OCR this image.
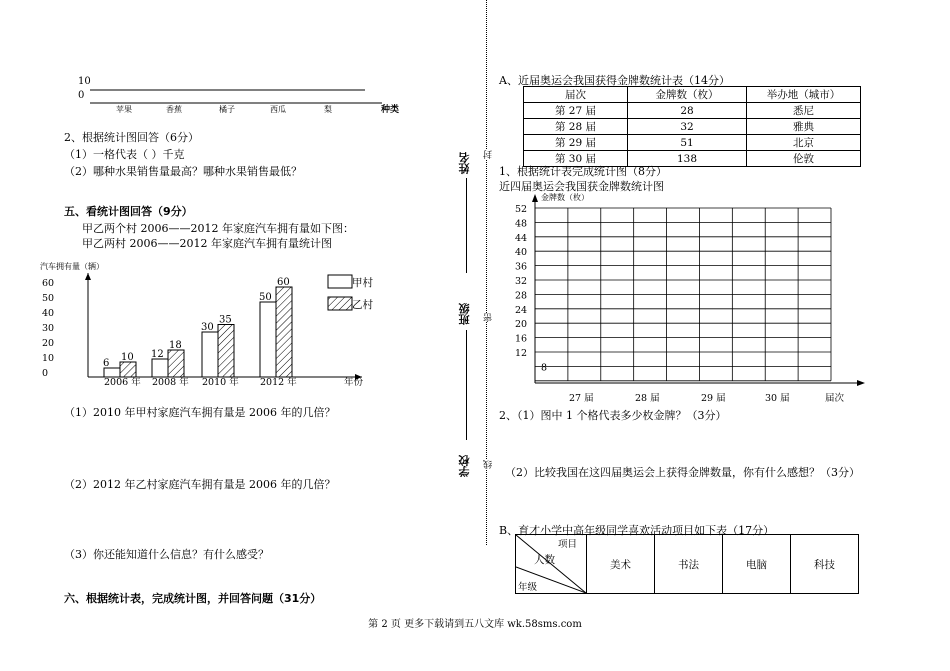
10
0
苹果	香蕉	橘子	西瓜	梨	种类
2、根据统计图回答（6分）
（1）一格代表（ ）千克
（2）哪种水果销售量最高？哪种水果销售最低？
五、看统计图回答（9分）
甲乙两个村 2006——2012 年家庭汽车拥有量如下图：
甲乙两村 2006——2012 年家庭汽车拥有量统计图
汽车拥有量（辆）
0
10
20
30
40
50
60
年份
6
10
2006 年
12
18
2008 年
30
35
2010 年
50
60
2012 年
甲村
乙村
（1）2010 年甲村家庭汽车拥有量是 2006 年的几倍？
（2）2012 年乙村家庭汽车拥有量是 2006 年的几倍？
（3）你还能知道什么信息？有什么感受？
六、根据统计表，完成统计图，并回答问题（31分）
姓名
班级
学校
封
密
线
A、近届奥运会我国获得金牌数统计表（14分）
届次	金牌数（枚）	举办地（城市）
第 27 届	28	悉尼
第 28 届	32	雅典
第 29 届	51	北京
第 30 届	138	伦敦
1、根据统计表完成统计图（8分）
近四届奥运会我国获金牌数统计图
金牌数（枚）
52
48
44
40
36
32
28
24
20
16
12
8
27 届	28 届	29 届	30 届	届次
2、（1）图中 1 个格代表多少枚金牌？（3分）
（2）比较我国在这四届奥运会上获得金牌数量，你有什么感想？（3分）
B、育才小学中高年级同学喜欢活动项目如下表（17分）
项目
人数
年级
	美术	书法	电脑	科技
第 2 页 更多下载请到五八文库 wk.58sms.com
